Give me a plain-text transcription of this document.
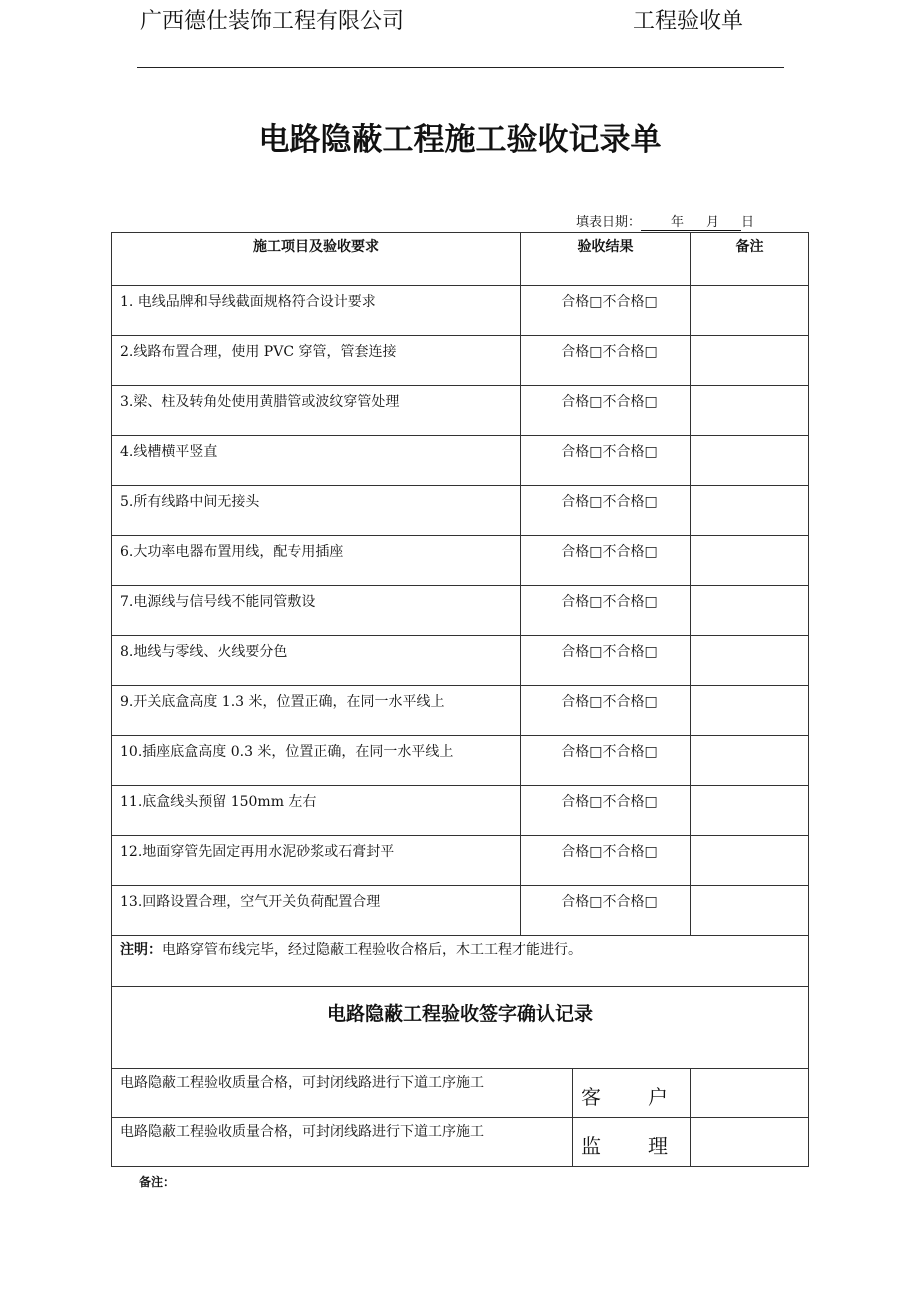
广西德仕装饰工程有限公司	工程验收单
电路隐蔽工程施工验收记录单
填表日期： 年 月 日
施工项目及验收要求	验收结果		备注

1. 电线品牌和导线截面规格符合设计要求	合格□不合格□		

2.线路布置合理，使用 PVC 穿管，管套连接	合格□不合格□		

3.梁、柱及转角处使用黄腊管或波纹穿管处理	合格□不合格□		

4.线槽横平竖直	合格□不合格□		

5.所有线路中间无接头	合格□不合格□		

6.大功率电器布置用线，配专用插座	合格□不合格□		

7.电源线与信号线不能同管敷设	合格□不合格□		

8.地线与零线、火线要分色	合格□不合格□		

9.开关底盒高度 1.3 米，位置正确，在同一水平线上	合格□不合格□		

10.插座底盒高度 0.3 米，位置正确，在同一水平线上	合格□不合格□		

11.底盒线头预留 150mm 左右	合格□不合格□		

12.地面穿管先固定再用水泥砂浆或石膏封平	合格□不合格□		

13.回路设置合理，空气开关负荷配置合理	合格□不合格□		

注明：电路穿管布线完毕，经过隐蔽工程验收合格后，木工工程才能进行。			

电路隐蔽工程验收签字确认记录			

电路隐蔽工程验收质量合格，可封闭线路进行下道工序施工		客 户	

电路隐蔽工程验收质量合格，可封闭线路进行下道工序施工		监 理	

备注：
